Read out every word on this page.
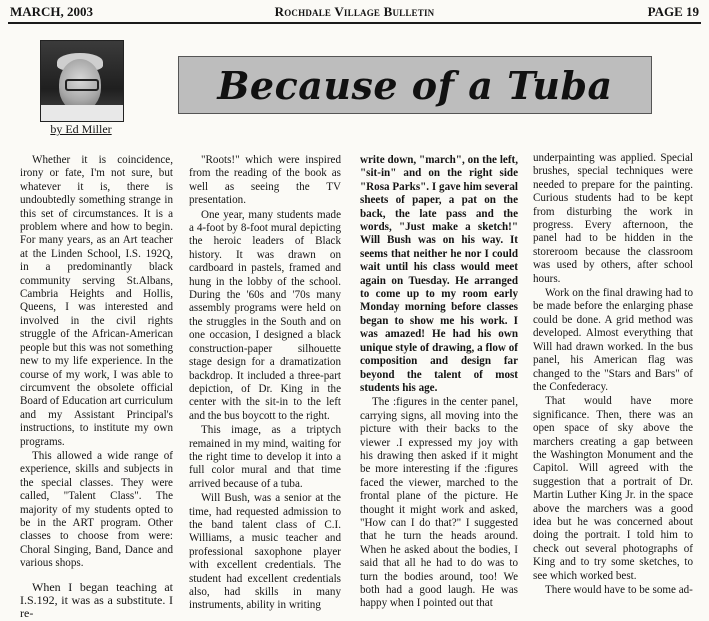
MARCH, 2003	Rochdale Village Bulletin	PAGE 19
by Ed Miller
Because of a Tuba

Whether it is coincidence, irony or fate, I'm not sure, but whatever it is, there is undoubtedly something strange in this set of circumstances. It is a problem where and how to begin. For many years, as an Art teacher at the Linden School, I.S. 192Q, in a predominantly black community serving St.Albans, Cambria Heights and Hollis, Queens, I was interested and involved in the civil rights struggle of the African-American people but this was not something new to my life experience. In the course of my work, I was able to circumvent the obsolete official Board of Education art curriculum and my Assistant Principal's instructions, to institute my own programs.

This allowed a wide range of experience, skills and subjects in the special classes. They were called, "Talent Class". The majority of my students opted to be in the ART program. Other classes to choose from were: Choral Singing, Band, Dance and various shops.

When I began teaching at I.S.192, it was as a substitute. I re-

"Roots!" which were inspired from the reading of the book as well as seeing the TV presentation.

One year, many students made a 4-foot by 8-foot mural depicting the heroic leaders of Black history. It was drawn on cardboard in pastels, framed and hung in the lobby of the school. During the '60s and '70s many assembly programs were held on the struggles in the South and on one occasion, I designed a black construction-paper silhouette stage design for a dramatization backdrop. It included a three-part depiction, of Dr. King in the center with the sit-in to the left and the bus boycott to the right.

This image, as a triptych remained in my mind, waiting for the right time to develop it into a full color mural and that time arrived because of a tuba.

Will Bush, was a senior at the time, had requested admission to the band talent class of C.I. Williams, a music teacher and professional saxophone player with excellent credentials. The student had excellent credentials also, had skills in many instruments, ability in writing

write down, "march", on the left, "sit-in" and on the right side "Rosa Parks". I gave him several sheets of paper, a pat on the back, the late pass and the words, "Just make a sketch!" Will Bush was on his way. It seems that neither he nor I could wait until his class would meet again on Tuesday. He arranged to come up to my room early Monday morning before classes began to show me his work. I was amazed! He had his own unique style of drawing, a flow of composition and design far beyond the talent of most students his age.

The :figures in the center panel, carrying signs, all moving into the picture with their backs to the viewer .I expressed my joy with his drawing then asked if it might be more interesting if the :figures faced the viewer, marched to the frontal plane of the picture. He thought it might work and asked, "How can I do that?" I suggested that he turn the heads around. When he asked about the bodies, I said that all he had to do was to turn the bodies around, too! We both had a good laugh. He was happy when I pointed out that

underpainting was applied. Special brushes, special techniques were needed to prepare for the painting. Curious students had to be kept from disturbing the work in progress. Every afternoon, the panel had to be hidden in the storeroom because the classroom was used by others, after school hours.

Work on the final drawing had to be made before the enlarging phase could be done. A grid method was developed. Almost everything that Will had drawn worked. In the bus panel, his American flag was changed to the "Stars and Bars" of the Confederacy.

That would have more significance. Then, there was an open space of sky above the marchers creating a gap between the Washington Monument and the Capitol. Will agreed with the suggestion that a portrait of Dr. Martin Luther King Jr. in the space above the marchers was a good idea but he was concerned about doing the portrait. I told him to check out several photographs of King and to try some sketches, to see which worked best.

There would have to be some ad-
